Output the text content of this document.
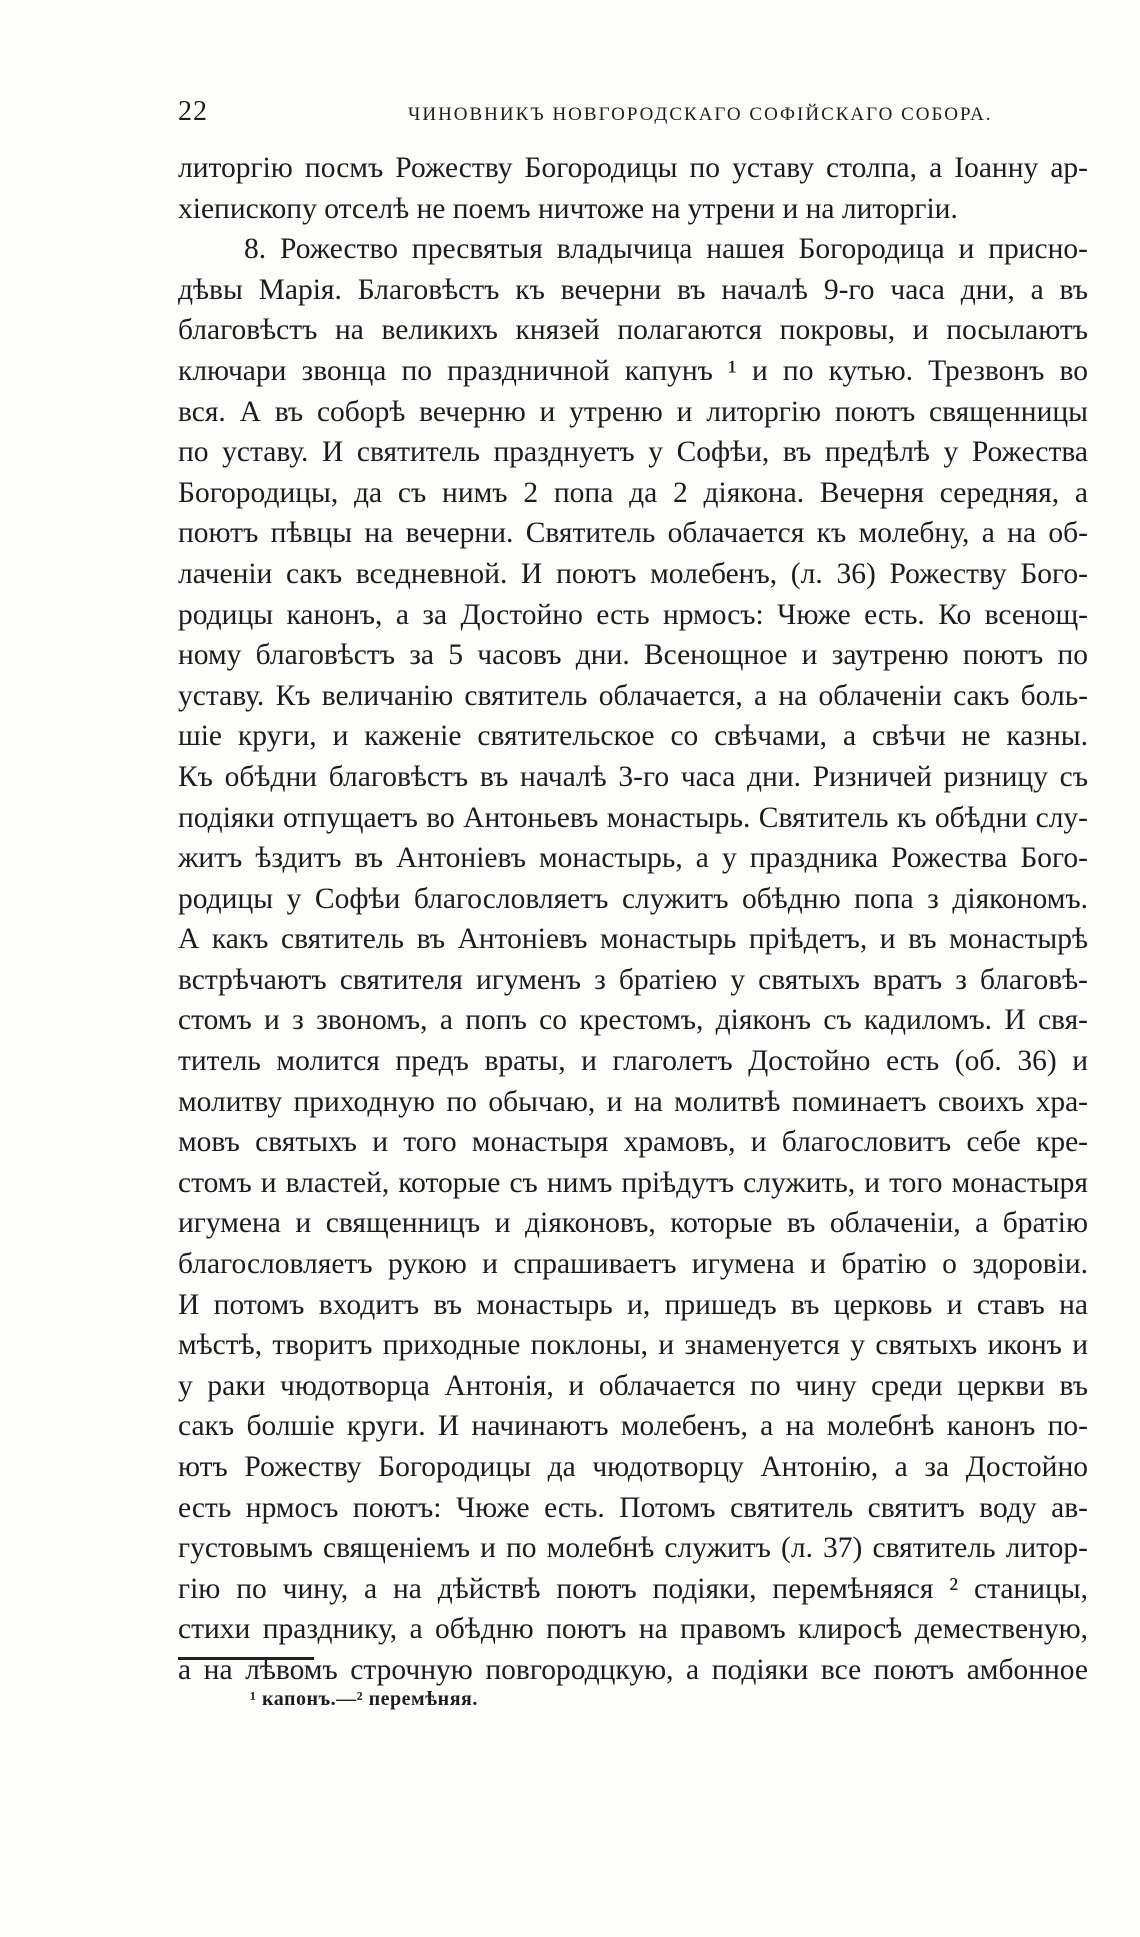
22	ЧИНОВНИКЪ НОВГОРОДСКАГО СОФІЙСКАГО СОБОРА.
литоргію посмъ Рожеству Богородицы по уставу столпа, а Іоанну ар-
хіепископу отселѣ не поемъ ничтоже на утрени и на литоргіи.
8. Рожество пресвятыя владычица нашея Богородица и присно-
дѣвы Марія. Благовѣстъ къ вечерни въ началѣ 9-го часа дни, а въ
благовѣстъ на великихъ князей полагаются покровы, и посылаютъ
ключари звонца по праздничной капунъ ¹ и по кутью. Трезвонъ во
вся. А въ соборѣ вечерню и утреню и литоргію поютъ священницы
по уставу. И святитель празднуетъ у Софѣи, въ предѣлѣ у Рожества
Богородицы, да съ нимъ 2 попа да 2 діякона. Вечерня середняя, а
поютъ пѣвцы на вечерни. Святитель облачается къ молебну, а на об-
лаченіи сакъ вседневной. И поютъ молебенъ, (л. 36) Рожеству Бого-
родицы канонъ, а за Достойно есть нрмосъ: Чюже есть. Ко всенощ-
ному благовѣстъ за 5 часовъ дни. Всенощное и заутреню поютъ по
уставу. Къ величанію святитель облачается, а на облаченіи сакъ боль-
шіе круги, и каженіе святительское со свѣчами, а свѣчи не казны.
Къ обѣдни благовѣстъ въ началѣ 3-го часа дни. Ризничей ризницу съ
подіяки отпущаетъ во Антоньевъ монастырь. Святитель къ обѣдни слу-
житъ ѣздитъ въ Антоніевъ монастырь, а у праздника Рожества Бого-
родицы у Софѣи благословляетъ служитъ обѣдню попа з діякономъ.
А какъ святитель въ Антоніевъ монастырь пріѣдетъ, и въ монастырѣ
встрѣчаютъ святителя игуменъ з братіею у святыхъ вратъ з благовѣ-
стомъ и з звономъ, а попъ со крестомъ, діяконъ съ кадиломъ. И свя-
титель молится предъ враты, и глаголетъ Достойно есть (об. 36) и
молитву приходную по обычаю, и на молитвѣ поминаетъ своихъ хра-
мовъ святыхъ и того монастыря храмовъ, и благословитъ себе кре-
стомъ и властей, которые съ нимъ пріѣдутъ служить, и того монастыря
игумена и священницъ и діяконовъ, которые въ облаченіи, а братію
благословляетъ рукою и спрашиваетъ игумена и братію о здоровіи.
И потомъ входитъ въ монастырь и, пришедъ въ церковь и ставъ на
мѣстѣ, творитъ приходные поклоны, и знаменуется у святыхъ иконъ и
у раки чюдотворца Антонія, и облачается по чину среди церкви въ
сакъ болшіе круги. И начинаютъ молебенъ, а на молебнѣ канонъ по-
ютъ Рожеству Богородицы да чюдотворцу Антонію, а за Достойно
есть нрмосъ поютъ: Чюже есть. Потомъ святитель святитъ воду ав-
густовымъ священіемъ и по молебнѣ служитъ (л. 37) святитель литор-
гію по чину, а на дѣйствѣ поютъ подіяки, перемѣняяся ² станицы,
стихи празднику, а обѣдню поютъ на правомъ клиросѣ демественую,
а на лѣвомъ строчную повгородцкую, а подіяки все поютъ амбонное
¹ капонъ.—² перемѣняя.
